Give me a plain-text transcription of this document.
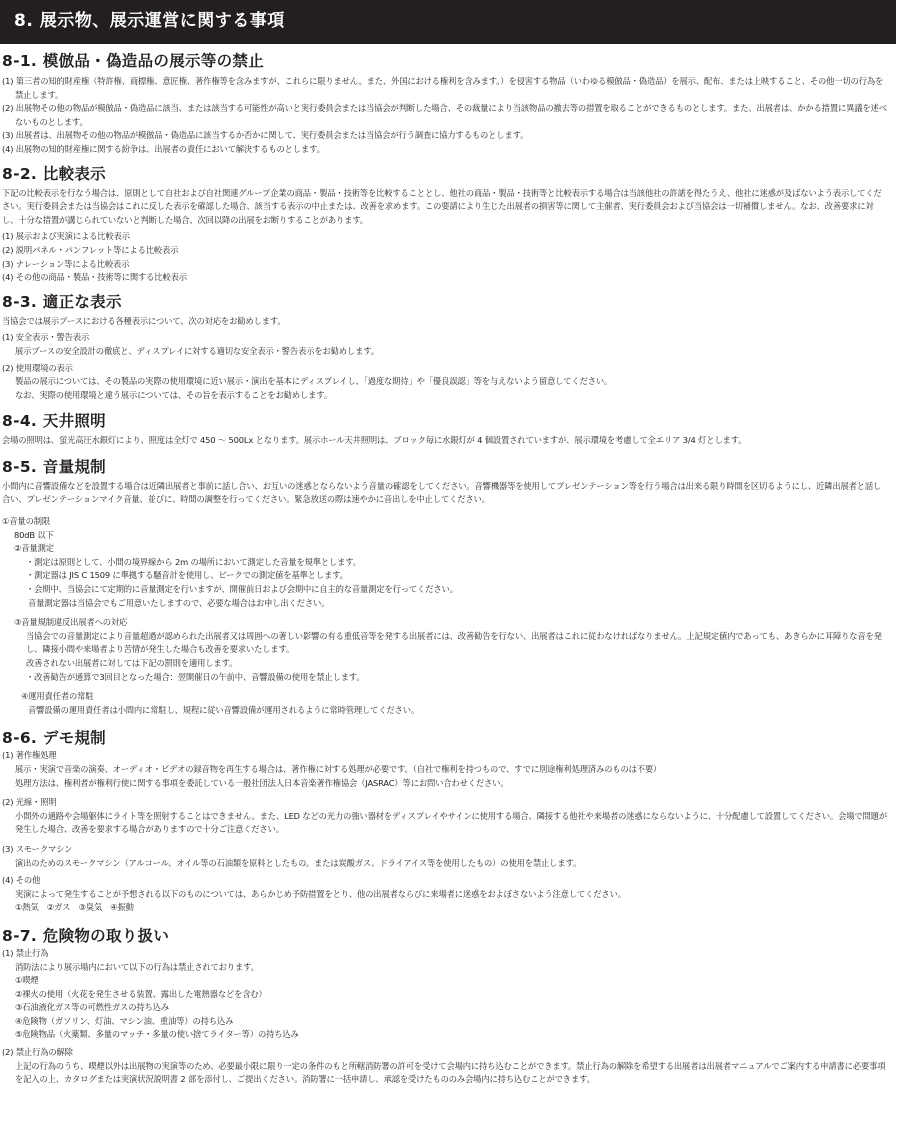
8. 展示物、展示運営に関する事項
8-1. 模倣品・偽造品の展示等の禁止

(1) 第三者の知的財産権（特許権、商標権、意匠権、著作権等を含みますが、これらに限りません。また、外国における権利を含みます。）を侵害する物品（いわゆる模倣品・偽造品）を展示、配布、または上映すること、その他一切の行為を禁止します。

(2) 出展物その他の物品が模倣品・偽造品に該当、または該当する可能性が高いと実行委員会または当協会が判断した場合、その裁量により当該物品の撤去等の措置を取ることができるものとします。また、出展者は、かかる措置に異議を述べないものとします。

(3) 出展者は、出展物その他の物品が模倣品・偽造品に該当するか否かに関して、実行委員会または当協会が行う調査に協力するものとします。

(4) 出展物の知的財産権に関する紛争は、出展者の責任において解決するものとします。

8-2. 比較表示

下記の比較表示を行なう場合は、原則として自社および自社関連グループ企業の商品・製品・技術等を比較することとし、他社の商品・製品・技術等と比較表示する場合は当該他社の許諾を得たうえ、他社に迷惑が及ばないよう表示してください。実行委員会または当協会はこれに反した表示を確認した場合、該当する表示の中止または、改善を求めます。この要請により生じた出展者の損害等に関して主催者、実行委員会および当協会は一切補償しません。なお、改善要求に対し、十分な措置が講じられていないと判断した場合、次回以降の出展をお断りすることがあります。

(1) 展示および実演による比較表示

(2) 説明パネル・パンフレット等による比較表示

(3) ナレーション等による比較表示

(4) その他の商品・製品・技術等に関する比較表示

8-3. 適正な表示

当協会では展示ブースにおける各種表示について、次の対応をお勧めします。

(1) 安全表示・警告表示

展示ブースの安全設計の徹底と、ディスプレイに対する適切な安全表示・警告表示をお勧めします。

(2) 使用環境の表示

製品の展示については、その製品の実際の使用環境に近い展示・演出を基本にディスプレイし、「過度な期待」や「優良誤認」等を与えないよう留意してください。

なお、実際の使用環境と違う展示については、その旨を表示することをお勧めします。

8-4. 天井照明

会場の照明は、蛍光高圧水銀灯により、照度は全灯で 450 ～ 500Lx となります。展示ホール天井照明は、ブロック毎に水銀灯が 4 個設置されていますが、展示環境を考慮して全エリア 3/4 灯とします。

8-5. 音量規制

小間内に音響設備などを設置する場合は近隣出展者と事前に話し合い、お互いの迷惑とならないよう音量の確認をしてください。音響機器等を使用してプレゼンテーション等を行う場合は出来る限り時間を区切るようにし、近隣出展者と話し合い、プレゼンテーションマイク音量、並びに、時間の調整を行ってください。緊急放送の際は速やかに音出しを中止してください。

①音量の制限

80dB 以下

②音量測定

・測定は原則として、小間の境界線から 2m の場所において測定した音量を規準とします。

・測定器は JIS C 1509 に準拠する騒音計を使用し、ピークでの測定値を基準とします。

・会期中、当協会にて定期的に音量測定を行いますが、開催前日および会期中に自主的な音量測定を行ってください。

音量測定器は当協会でもご用意いたしますので、必要な場合はお申し出ください。

③音量規制違反出展者への対応

当協会での音量測定により音量超過が認められた出展者又は周囲への著しい影響の有る重低音等を発する出展者には、改善勧告を行ない、出展者はこれに従わなければなりません。上記規定値内であっても、あきらかに耳障りな音を発し、隣接小間や来場者より苦情が発生した場合も改善を要求いたします。

改善されない出展者に対しては下記の罰則を適用します。

・改善勧告が通算で3回目となった場合：翌開催日の午前中、音響設備の使用を禁止します。

④運用責任者の常駐

音響設備の運用責任者は小間内に常駐し、規程に従い音響設備が運用されるように常時管理してください。

8-6. デモ規制

(1) 著作権処理

展示・実演で音楽の演奏、オーディオ・ビデオの録音物を再生する場合は、著作権に対する処理が必要です。（自社で権利を持つもので、すでに別途権利処理済みのものは不要）

処理方法は、権利者が権利行使に関する事項を委託している一般社団法人日本音楽著作権協会（JASRAC）等にお問い合わせください。

(2) 光線・照明

小間外の通路や会場躯体にライト等を照射することはできません。また、LED などの光力の強い器材をディスプレイやサインに使用する場合、隣接する他社や来場者の迷惑にならないように、十分配慮して設置してください。会場で問題が発生した場合、改善を要求する場合がありますので十分ご注意ください。

(3) スモークマシン

演出のためのスモークマシン（アルコール、オイル等の石油類を原料としたもの。または炭酸ガス、ドライアイス等を使用したもの）の使用を禁止します。

(4) その他

実演によって発生することが予想される以下のものについては、あらかじめ予防措置をとり、他の出展者ならびに来場者に迷惑をおよぼさないよう注意してください。

①熱気　②ガス　③臭気　④振動

8-7. 危険物の取り扱い

(1) 禁止行為

消防法により展示場内において以下の行為は禁止されております。

①喫煙

②裸火の使用（火花を発生させる装置、露出した電熱器などを含む）

③石油液化ガス等の可燃性ガスの持ち込み

④危険物（ガソリン、灯油、マシン油、重油等）の持ち込み

⑤危険物品（火薬類、多量のマッチ・多量の使い捨てライター等）の持ち込み

(2) 禁止行為の解除

上記の行為のうち、喫煙以外は出展物の実演等のため、必要最小限に限り一定の条件のもと所轄消防署の許可を受けて会場内に持ち込むことができます。禁止行為の解除を希望する出展者は出展者マニュアルでご案内する申請書に必要事項を記入の上、カタログまたは実演状況説明書 2 部を添付し、ご提出ください。消防署に一括申請し、承認を受けたもののみ会場内に持ち込むことができます。
